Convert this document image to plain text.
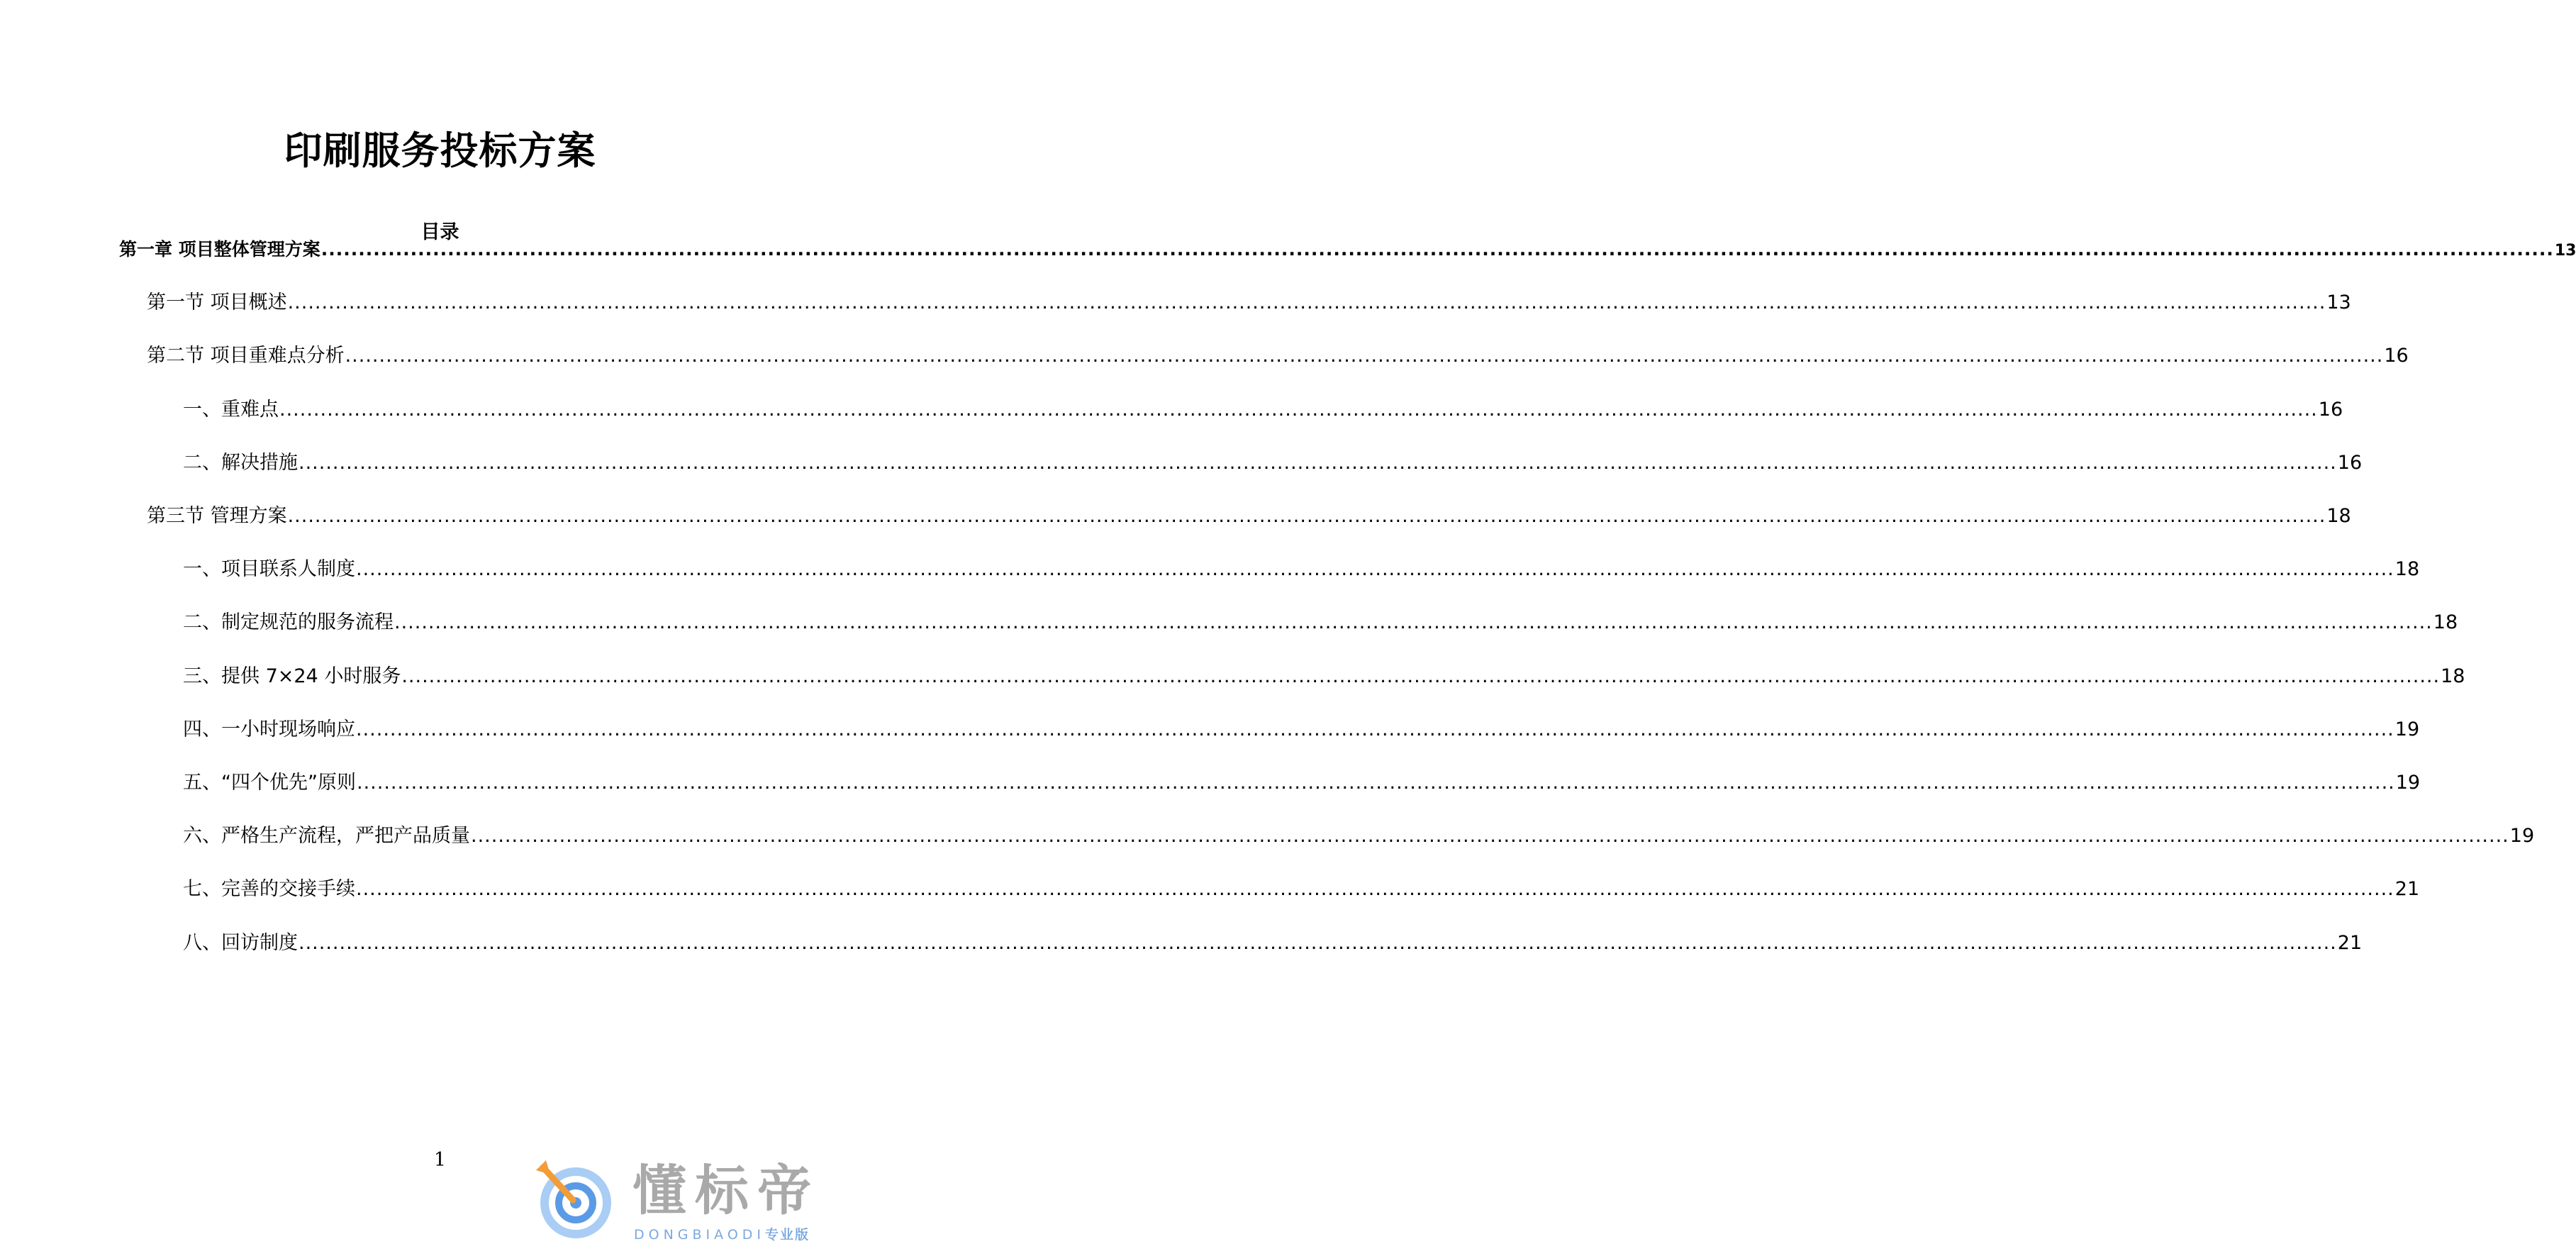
印刷服务投标方案
目录
第一章 项目整体管理方案 ............................................................................................................................................................................................................................................................................................................ 13
第一节 项目概述 ............................................................................................................................................................................................................................................................................................................ 13
第二节 项目重难点分析 ............................................................................................................................................................................................................................................................................................................ 16
一、重难点 ............................................................................................................................................................................................................................................................................................................ 16
二、解决措施 ............................................................................................................................................................................................................................................................................................................ 16
第三节 管理方案 ............................................................................................................................................................................................................................................................................................................ 18
一、项目联系人制度 ............................................................................................................................................................................................................................................................................................................ 18
二、制定规范的服务流程 ............................................................................................................................................................................................................................................................................................................ 18
三、提供 7×24 小时服务 ............................................................................................................................................................................................................................................................................................................ 18
四、一小时现场响应 ............................................................................................................................................................................................................................................................................................................ 19
五、“四个优先”原则 ............................................................................................................................................................................................................................................................................................................ 19
六、严格生产流程，严把产品质量 ............................................................................................................................................................................................................................................................................................................ 19
七、完善的交接手续 ............................................................................................................................................................................................................................................................................................................ 21
八、回访制度 ............................................................................................................................................................................................................................................................................................................ 21
1	懂标帝
DONGBIAODI专业版
